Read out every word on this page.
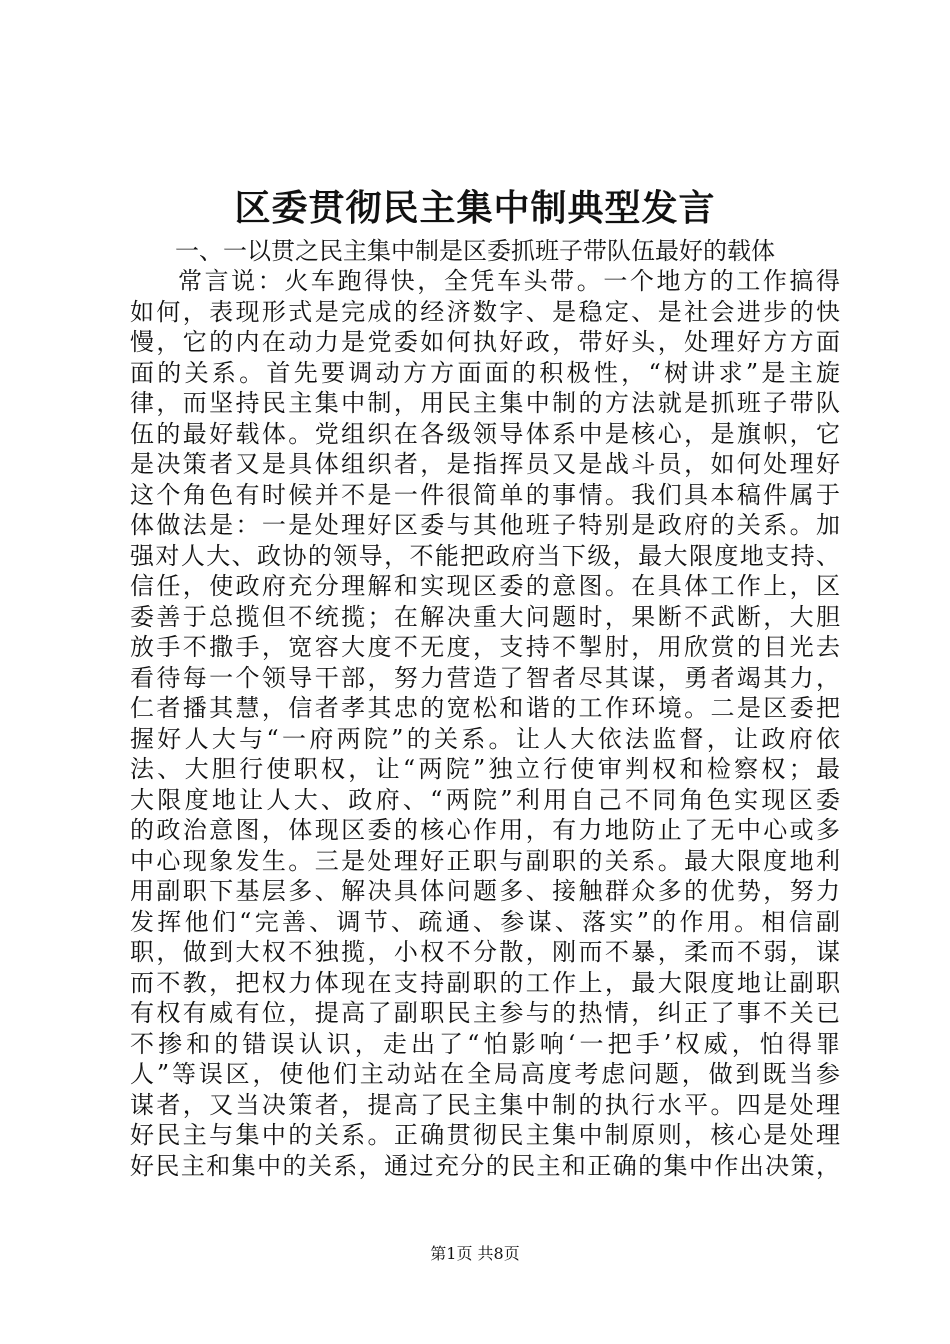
区委贯彻民主集中制典型发言
一、一以贯之民主集中制是区委抓班子带队伍最好的载体
常言说：火车跑得快，全凭车头带。一个地方的工作搞得
如何，表现形式是完成的经济数字、是稳定、是社会进步的快
慢，它的内在动力是党委如何执好政，带好头，处理好方方面
面的关系。首先要调动方方面面的积极性，“树讲求”是主旋
律，而坚持民主集中制，用民主集中制的方法就是抓班子带队
伍的最好载体。党组织在各级领导体系中是核心，是旗帜，它
是决策者又是具体组织者，是指挥员又是战斗员，如何处理好
这个角色有时候并不是一件很简单的事情。我们具本稿件属于
体做法是：一是处理好区委与其他班子特别是政府的关系。加
强对人大、政协的领导，不能把政府当下级，最大限度地支持、
信任，使政府充分理解和实现区委的意图。在具体工作上，区
委善于总揽但不统揽；在解决重大问题时，果断不武断，大胆
放手不撒手，宽容大度不无度，支持不掣肘，用欣赏的目光去
看待每一个领导干部，努力营造了智者尽其谋，勇者竭其力，
仁者播其慧，信者孝其忠的宽松和谐的工作环境。二是区委把
握好人大与“一府两院”的关系。让人大依法监督，让政府依
法、大胆行使职权，让“两院”独立行使审判权和检察权；最
大限度地让人大、政府、“两院”利用自己不同角色实现区委
的政治意图，体现区委的核心作用，有力地防止了无中心或多
中心现象发生。三是处理好正职与副职的关系。最大限度地利
用副职下基层多、解决具体问题多、接触群众多的优势，努力
发挥他们“完善、调节、疏通、参谋、落实”的作用。相信副
职，做到大权不独揽，小权不分散，刚而不暴，柔而不弱，谋
而不教，把权力体现在支持副职的工作上，最大限度地让副职
有权有威有位，提高了副职民主参与的热情，纠正了事不关已
不掺和的错误认识，走出了“怕影响‘一把手’权威，怕得罪
人”等误区，使他们主动站在全局高度考虑问题，做到既当参
谋者，又当决策者，提高了民主集中制的执行水平。四是处理
好民主与集中的关系。正确贯彻民主集中制原则，核心是处理
好民主和集中的关系，通过充分的民主和正确的集中作出决策，
第1页 共8页
